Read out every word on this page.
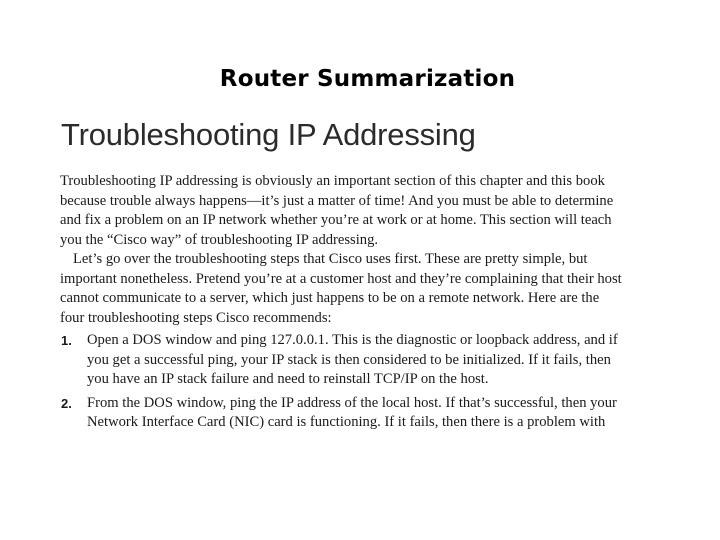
Router Summarization
Troubleshooting IP Addressing

Troubleshooting IP addressing is obviously an important section of this chapter and this book because trouble always happens—it’s just a matter of time! And you must be able to determine and fix a problem on an IP network whether you’re at work or at home. This section will teach you the “Cisco way” of troubleshooting IP addressing.

Let’s go over the troubleshooting steps that Cisco uses first. These are pretty simple, but important nonetheless. Pretend you’re at a customer host and they’re complaining that their host cannot communicate to a server, which just happens to be on a remote network. Here are the four troubleshooting steps Cisco recommends:

1. Open a DOS window and ping 127.0.0.1. This is the diagnostic or loopback address, and if you get a successful ping, your IP stack is then considered to be initialized. If it fails, then you have an IP stack failure and need to reinstall TCP/IP on the host.
2. From the DOS window, ping the IP address of the local host. If that’s successful, then your Network Interface Card (NIC) card is functioning. If it fails, then there is a problem with
